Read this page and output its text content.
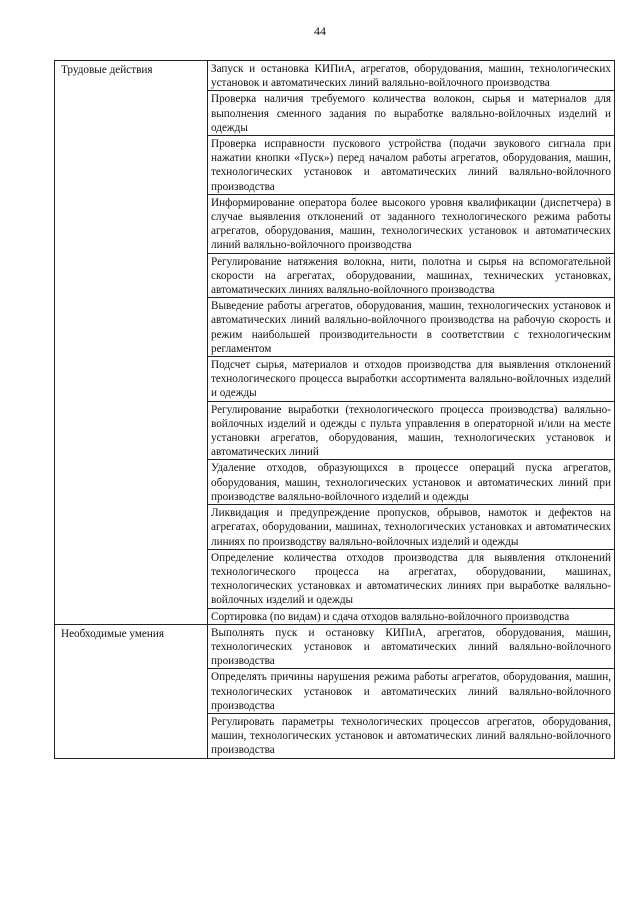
44
Трудовые действия	Запуск и остановка КИПиА, агрегатов, оборудования, машин, технологических установок и автоматических линий валяльно-войлочного производства
	Проверка наличия требуемого количества волокон, сырья и материалов для выполнения сменного задания по выработке валяльно-войлочных изделий и одежды
	Проверка исправности пускового устройства (подачи звукового сигнала при нажатии кнопки «Пуск») перед началом работы агрегатов, оборудования, машин, технологических установок и автоматических линий валяльно-войлочного производства
	Информирование оператора более высокого уровня квалификации (диспетчера) в случае выявления отклонений от заданного технологического режима работы агрегатов, оборудования, машин, технологических установок и автоматических линий валяльно-войлочного производства
	Регулирование натяжения волокна, нити, полотна и сырья на вспомогательной скорости на агрегатах, оборудовании, машинах, технических установках, автоматических линиях валяльно-войлочного производства
	Выведение работы агрегатов, оборудования, машин, технологических установок и автоматических линий валяльно-войлочного производства на рабочую скорость и режим наибольшей производительности в соответствии с технологическим регламентом
	Подсчет сырья, материалов и отходов производства для выявления отклонений технологического процесса выработки ассортимента валяльно-войлочных изделий и одежды
	Регулирование выработки (технологического процесса производства) валяльно-войлочных изделий и одежды с пульта управления в операторной и/или на месте установки агрегатов, оборудования, машин, технологических установок и автоматических линий
	Удаление отходов, образующихся в процессе операций пуска агрегатов, оборудования, машин, технологических установок и автоматических линий при производстве валяльно-войлочного изделий и одежды
	Ликвидация и предупреждение пропусков, обрывов, намоток и дефектов на агрегатах, оборудовании, машинах, технологических установках и автоматических линиях по производству валяльно-войлочных изделий и одежды
	Определение количества отходов производства для выявления отклонений технологического процесса на агрегатах, оборудовании, машинах, технологических установках и автоматических линиях при выработке валяльно-войлочных изделий и одежды
	Сортировка (по видам) и сдача отходов валяльно-войлочного производства
Необходимые умения	Выполнять пуск и остановку КИПиА, агрегатов, оборудования, машин, технологических установок и автоматических линий валяльно-войлочного производства
	Определять причины нарушения режима работы агрегатов, оборудования, машин, технологических установок и автоматических линий валяльно-войлочного производства
	Регулировать параметры технологических процессов агрегатов, оборудования, машин, технологических установок и автоматических линий валяльно-войлочного производства
